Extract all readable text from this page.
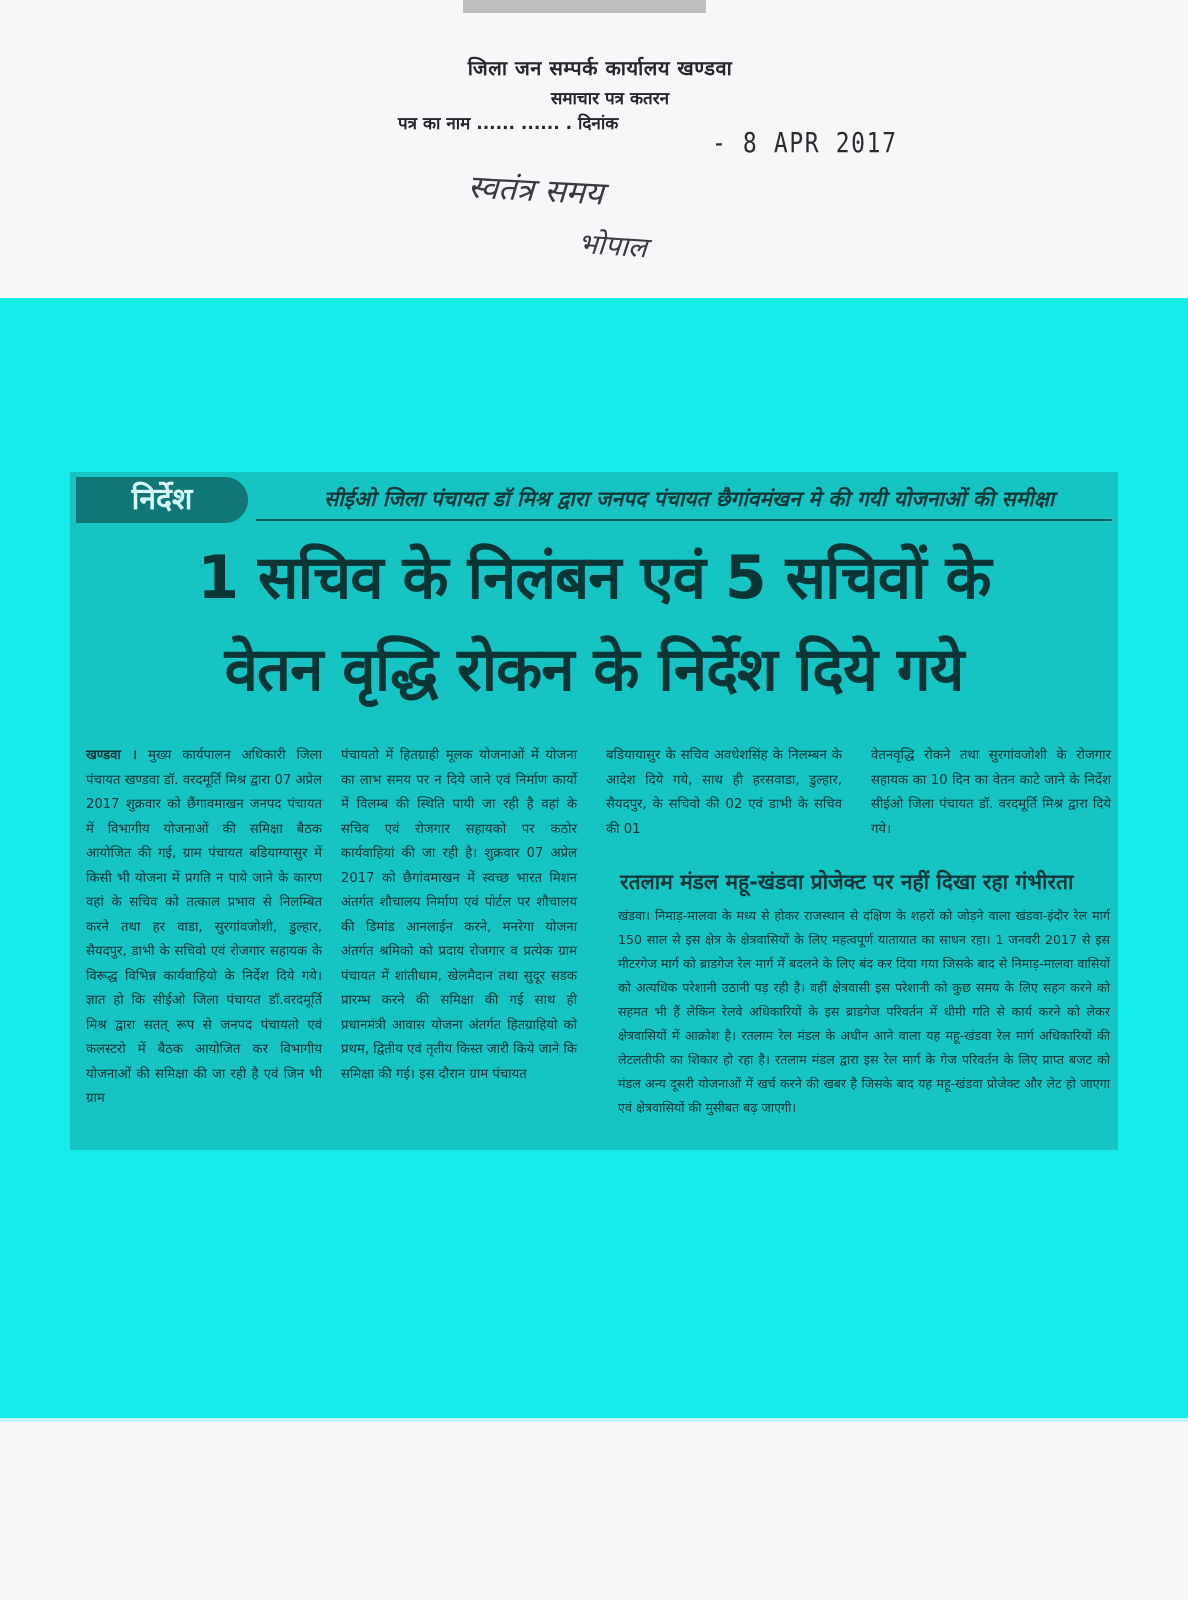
जिला जन सम्पर्क कार्यालय खण्डवा
समाचार पत्र कतरन
पत्र का नाम ...... ...... . दिनांक
- 8 APR 2017
स्वतंत्र समय
भोपाल
निर्देश	सीईओ जिला पंचायत डॉ मिश्र द्वारा जनपद पंचायत छैगांवमंखन मे की गयी योजनाओं की समीक्षा
1 सचिव के निलंबन एवं 5 सचिवों के
वेतन वृद्धि रोकन के निर्देश दिये गये
खण्डवा । मुख्य कार्यपालन अधिकारी जिला पंचायत खण्डवा डॉ. वरदमूर्ति मिश्र द्वारा 07 अप्रेल 2017 शुक्रवार को छैंगावमाखन जनपद पंचायत में विभागीय योजनाओं की समिक्षा बैठक आयोजित की गई, ग्राम पंचायत बडियाग्यासुर में किसी भी योजना में प्रगति न पाये जाने के कारण वहां के सचिव को तत्काल प्रभाव से निलम्बित करने तथा हर वाडा, सुरगांवजोशी, डुल्हार, सैयदपुर, डाभी के सचिवो एवं रोजगार सहायक के विरूद्ध विभिन्न कार्यवाहियो के निर्देश दिये गये। ज्ञात हो कि सीईओ जिला पंचायत डॉ.वरदमूर्ति मिश्र द्वारा सतत् रूप से जनपद पंचायतो एवं कलस्टरो में बैठक आयोजित कर विभागीय योजनाओं की समिक्षा की जा रही है एवं जिन भी ग्राम
पंचायतो में हितग्राही मूलक योजनाओं में योजना का लाभ समय पर न दिये जाने एवं निर्माण कार्यो में विलम्ब की स्थिति पायी जा रही है वहां के सचिव एवं रोजगार सहायको पर कठोर कार्यवाहियां की जा रही है। शुक्रवार 07 अप्रेल 2017 को छैगांवमाखन में स्वच्छ भारत मिशन अंतर्गत शौचालय निर्माण एवं पोर्टल पर शौचालय की डिमांड आनलाईन करने, मनरेगा योजना अंतर्गत श्रमिको को प्रदाय रोजगार व प्रत्येक ग्राम पंचायत में शांतीधाम, खेलमैदान तथा सुदूर सडक प्रारम्भ करने की समिक्षा की गई साथ ही प्रधानमंत्री आवास योजना अंतर्गत हितग्राहियो को प्रथम, द्वितीय एवं तृतीय किस्त जारी किये जाने कि समिक्षा की गई। इस दौरान ग्राम पंचायत
बडियायासुर के सचिव अवधेशसिंह के निलम्बन के आदेश दिये गये, साथ ही हरसवाडा, डुल्हार, सैयदपुर, के सचिवो की 02 एवं डाभी के सचिव की 01
वेतनवृद्धि रोकने तथा सुरगांवजोशी के रोजगार सहायक का 10 दिन का वेतन काटे जाने के निर्देश सीईओ जिला पंचायत डॉ. वरदमूर्ति मिश्र द्वारा दिये गये।
रतलाम मंडल महू-खंडवा प्रोजेक्ट पर नहीं दिखा रहा गंभीरता
खंडवा। निमाड़-मालवा के मध्य से होकर राजस्थान से दक्षिण के शहरों को जोड़ने वाला खंडवा-इंदौर रेल मार्ग 150 साल से इस क्षेत्र के क्षेत्रवासियों के लिए महत्वपूर्ण यातायात का साधन रहा। 1 जनवरी 2017 से इस मीटरगेज मार्ग को ब्राडगेज रेल मार्ग में बदलने के लिए बंद कर दिया गया जिसके बाद से निमाड़-मालवा वासियों को अत्यधिक परेशानी उठानी पड़ रही है। वहीं क्षेत्रवासी इस परेशानी को कुछ समय के लिए सहन करने को सहमत भी हैं लेकिन रेलवे अधिकारियों के इस ब्राडगेज परिवर्तन में धीमी गति से कार्य करने को लेकर क्षेत्रवासियों में आक्रोश है। रतलाम रेल मंडल के अधीन आने वाला यह महू-खंडवा रेल मार्ग अधिकारियों की लेटलतीफी का शिकार हो रहा है। रतलाम मंडल द्वारा इस रेल मार्ग के गेज परिवर्तन के लिए प्राप्त बजट को मंडल अन्य दूसरी योजनाओं में खर्च करने की खबर है जिसके बाद यह महू-खंडवा प्रोजेक्ट और लेट हो जाएगा एवं क्षेत्रवासियों की मुसीबत बढ़ जाएगी।
